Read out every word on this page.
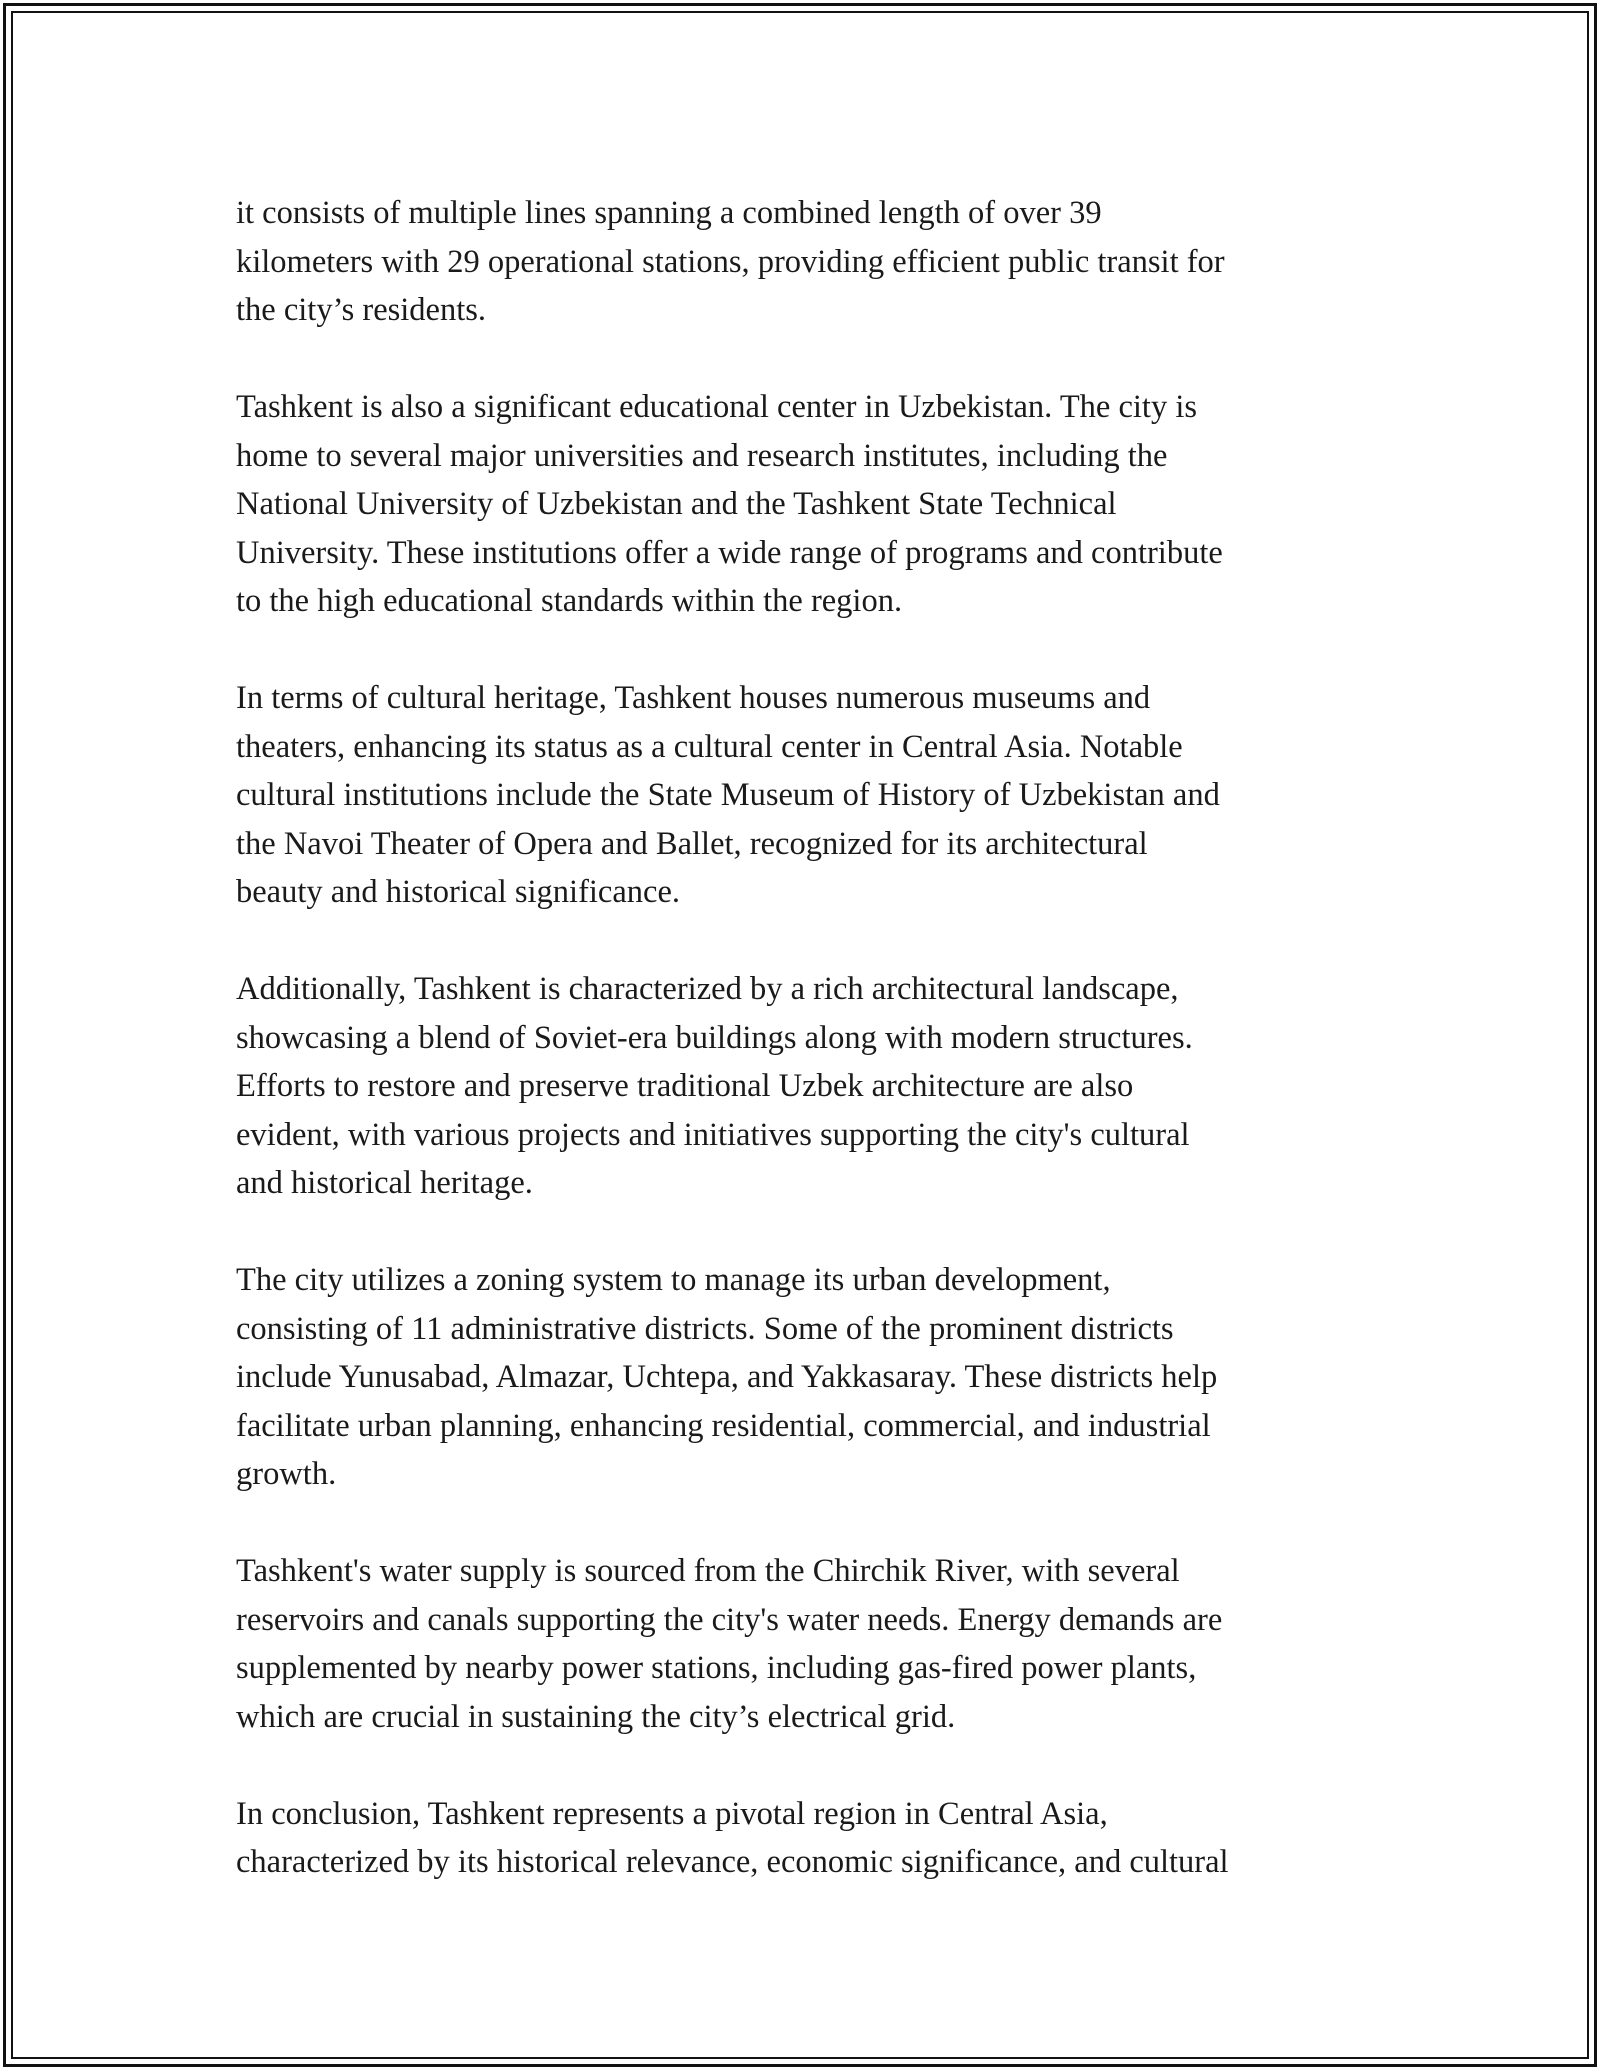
it consists of multiple lines spanning a combined length of over 39
kilometers with 29 operational stations, providing efficient public transit for
the city’s residents.

Tashkent is also a significant educational center in Uzbekistan. The city is
home to several major universities and research institutes, including the
National University of Uzbekistan and the Tashkent State Technical
University. These institutions offer a wide range of programs and contribute
to the high educational standards within the region.

In terms of cultural heritage, Tashkent houses numerous museums and
theaters, enhancing its status as a cultural center in Central Asia. Notable
cultural institutions include the State Museum of History of Uzbekistan and
the Navoi Theater of Opera and Ballet, recognized for its architectural
beauty and historical significance.

Additionally, Tashkent is characterized by a rich architectural landscape,
showcasing a blend of Soviet-era buildings along with modern structures.
Efforts to restore and preserve traditional Uzbek architecture are also
evident, with various projects and initiatives supporting the city's cultural
and historical heritage.

The city utilizes a zoning system to manage its urban development,
consisting of 11 administrative districts. Some of the prominent districts
include Yunusabad, Almazar, Uchtepa, and Yakkasaray. These districts help
facilitate urban planning, enhancing residential, commercial, and industrial
growth.

Tashkent's water supply is sourced from the Chirchik River, with several
reservoirs and canals supporting the city's water needs. Energy demands are
supplemented by nearby power stations, including gas-fired power plants,
which are crucial in sustaining the city’s electrical grid.

In conclusion, Tashkent represents a pivotal region in Central Asia,
characterized by its historical relevance, economic significance, and cultural
